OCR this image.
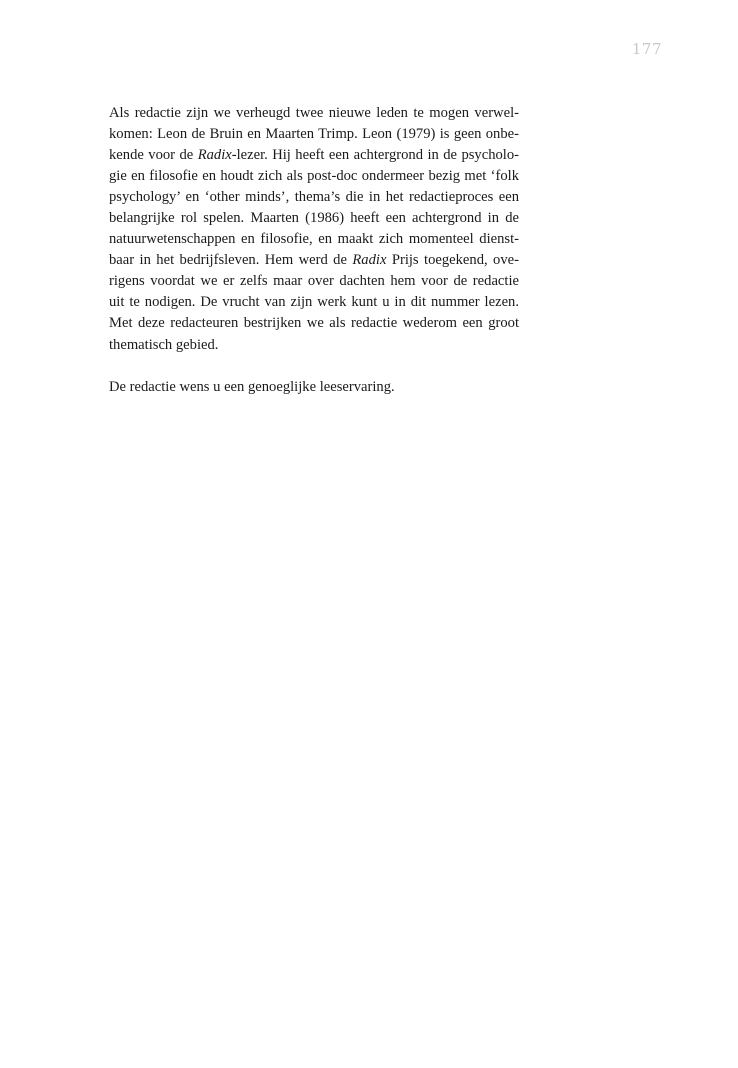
177
Als redactie zijn we verheugd twee nieuwe leden te mogen verwel-
komen: Leon de Bruin en Maarten Trimp. Leon (1979) is geen onbe-
kende voor de Radix-lezer. Hij heeft een achtergrond in de psycholo-
gie en filosofie en houdt zich als post-doc ondermeer bezig met ‘folk
psychology’ en ‘other minds’, thema’s die in het redactieproces een
belangrijke rol spelen. Maarten (1986) heeft een achtergrond in de
natuurwetenschappen en filosofie, en maakt zich momenteel dienst-
baar in het bedrijfsleven. Hem werd de Radix Prijs toegekend, ove-
rigens voordat we er zelfs maar over dachten hem voor de redactie
uit te nodigen. De vrucht van zijn werk kunt u in dit nummer lezen.
Met deze redacteuren bestrijken we als redactie wederom een groot
thematisch gebied.
De redactie wens u een genoeglijke leeservaring.
